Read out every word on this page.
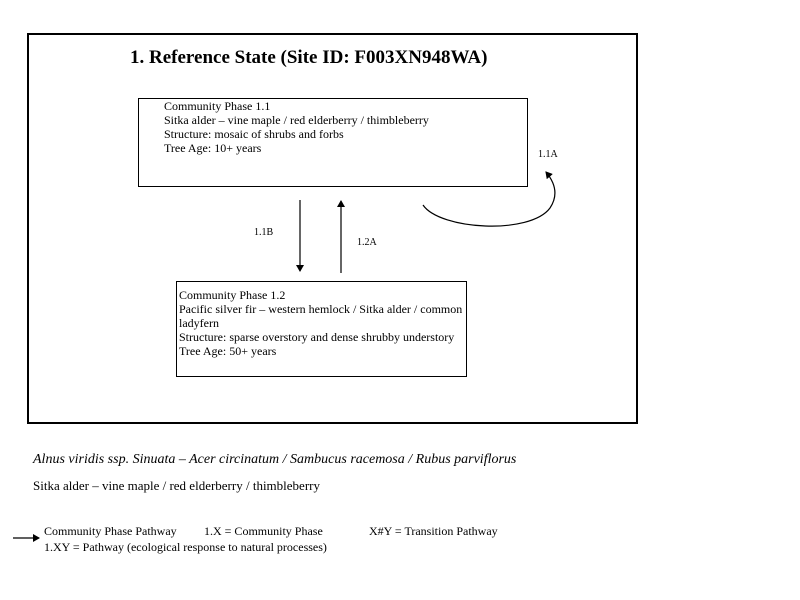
1. Reference State (Site ID: F003XN948WA)
Community Phase 1.1
Sitka alder – vine maple / red elderberry / thimbleberry
Structure: mosaic of shrubs and forbs
Tree Age: 10+ years
Community Phase 1.2
Pacific silver fir – western hemlock / Sitka alder / common ladyfern
Structure: sparse overstory and dense shrubby understory
Tree Age: 50+ years
1.1A
1.1B
1.2A
Alnus viridis ssp. Sinuata – Acer circinatum / Sambucus racemosa / Rubus parviflorus
Sitka alder – vine maple / red elderberry / thimbleberry
Community Phase Pathway 1.X = Community Phase	X#Y = Transition Pathway
1.XY = Pathway (ecological response to natural processes)
